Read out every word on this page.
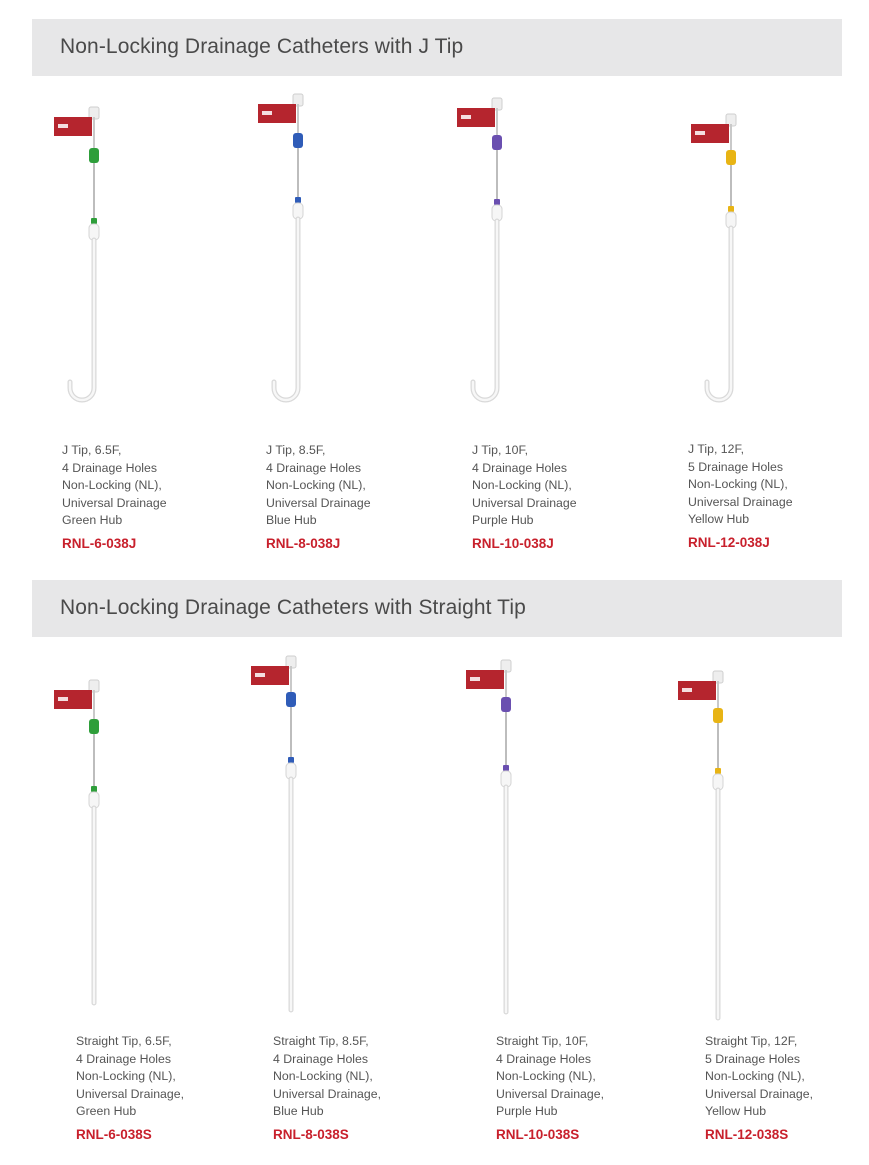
Non-Locking Drainage Catheters with J Tip
J Tip, 6.5F,
4 Drainage Holes
Non-Locking (NL),
Universal Drainage
Green Hub
RNL-6-038J
J Tip, 8.5F,
4 Drainage Holes
Non-Locking (NL),
Universal Drainage
Blue Hub
RNL-8-038J
J Tip, 10F,
4 Drainage Holes
Non-Locking (NL),
Universal Drainage
Purple Hub
RNL-10-038J
J Tip, 12F,
5 Drainage Holes
Non-Locking (NL),
Universal Drainage
Yellow Hub
RNL-12-038J
Non-Locking Drainage Catheters with Straight Tip
Straight Tip, 6.5F,
4 Drainage Holes
Non-Locking (NL),
Universal Drainage,
Green Hub
RNL-6-038S
Straight Tip, 8.5F,
4 Drainage Holes
Non-Locking (NL),
Universal Drainage,
Blue Hub
RNL-8-038S
Straight Tip, 10F,
4 Drainage Holes
Non-Locking (NL),
Universal Drainage,
Purple Hub
RNL-10-038S
Straight Tip, 12F,
5 Drainage Holes
Non-Locking (NL),
Universal Drainage,
Yellow Hub
RNL-12-038S
